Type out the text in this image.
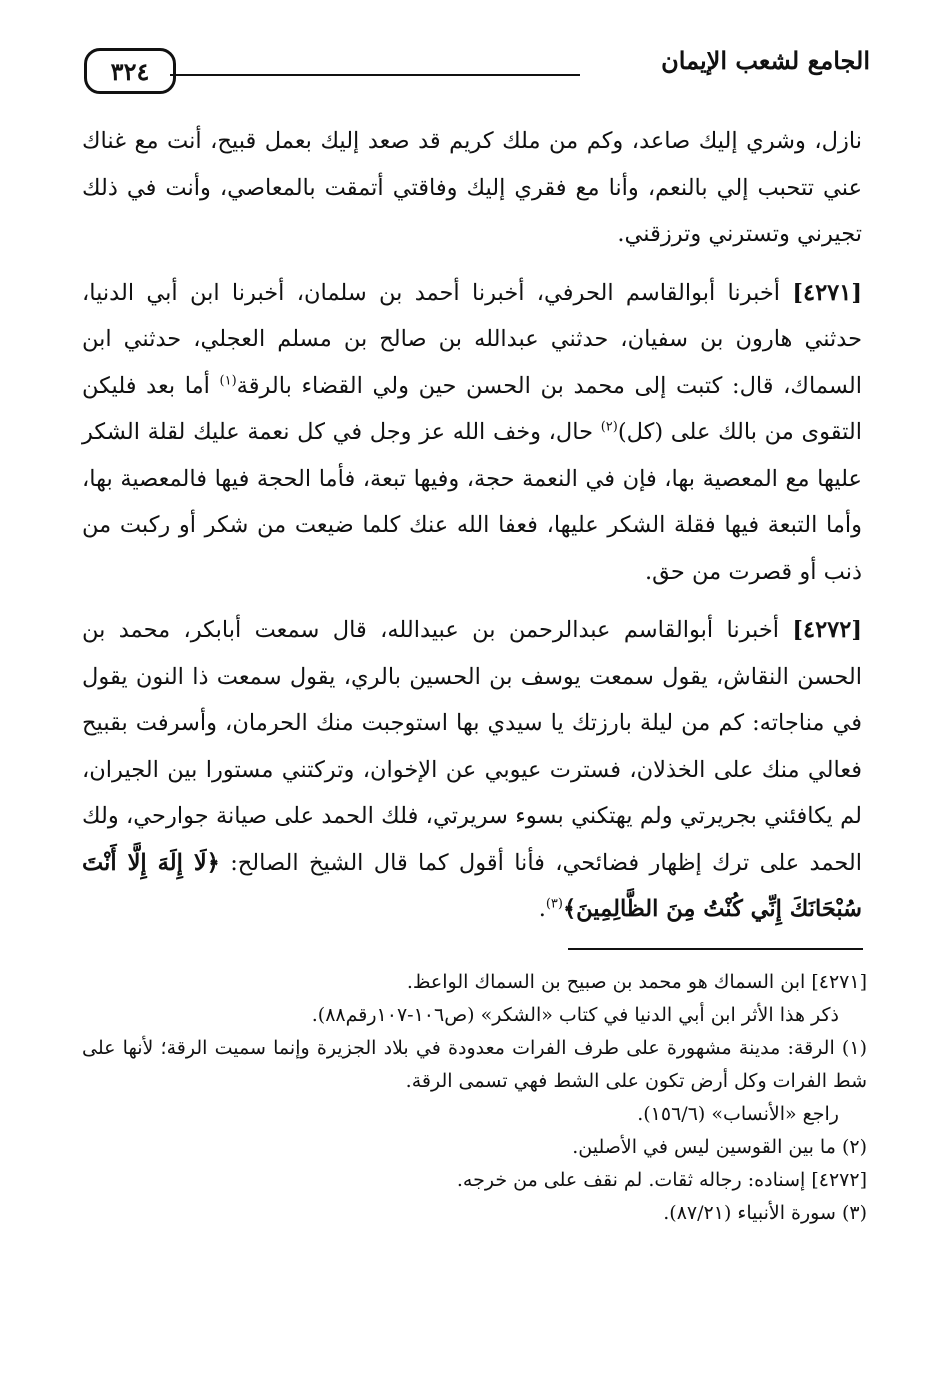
الجامع لشعب الإيمان
٣٢٤

نازل، وشري إليك صاعد، وكم من ملك كريم قد صعد إليك بعمل قبيح، أنت مع غناك عني تتحبب إلي بالنعم، وأنا مع فقري إليك وفاقتي أتمقت بالمعاصي، وأنت في ذلك تجيرني وتسترني وترزقني.

[٤٢٧١] أخبرنا أبوالقاسم الحرفي، أخبرنا أحمد بن سلمان، أخبرنا ابن أبي الدنيا، حدثني هارون بن سفيان، حدثني عبدالله بن صالح بن مسلم العجلي، حدثني ابن السماك، قال: كتبت إلى محمد بن الحسن حين ولي القضاء بالرقة$^{(١)}$ أما بعد فليكن التقوى من بالك على (كل)$^{(٢)}$ حال، وخف الله عز وجل في كل نعمة عليك لقلة الشكر عليها مع المعصية بها، فإن في النعمة حجة، وفيها تبعة، فأما الحجة فيها فالمعصية بها، وأما التبعة فيها فقلة الشكر عليها، فعفا الله عنك كلما ضيعت من شكر أو ركبت من ذنب أو قصرت من حق.

[٤٢٧٢] أخبرنا أبوالقاسم عبدالرحمن بن عبيدالله، قال سمعت أبابكر، محمد بن الحسن النقاش، يقول سمعت يوسف بن الحسين بالري، يقول سمعت ذا النون يقول في مناجاته: كم من ليلة بارزتك يا سيدي بها استوجبت منك الحرمان، وأسرفت بقبيح فعالي منك على الخذلان، فسترت عيوبي عن الإخوان، وتركتني مستورا بين الجيران، لم يكافئني بجريرتي ولم يهتكني بسوء سريرتي، فلك الحمد على صيانة جوارحي، ولك الحمد على ترك إظهار فضائحي، فأنا أقول كما قال الشيخ الصالح: ﴿لَا إِلَهَ إِلَّا أَنْتَ سُبْحَانَكَ إِنِّي كُنْتُ مِنَ الظَّالِمِينَ﴾$^{(٣)}$.

[٤٢٧١] ابن السماك هو محمد بن صبيح بن السماك الواعظ.

ذكر هذا الأثر ابن أبي الدنيا في كتاب «الشكر» (ص١٠٦-١٠٧رقم٨٨).

(١) الرقة: مدينة مشهورة على طرف الفرات معدودة في بلاد الجزيرة وإنما سميت الرقة؛ لأنها على شط الفرات وكل أرض تكون على الشط فهي تسمى الرقة.

راجع «الأنساب» (١٥٦/٦).

(٢) ما بين القوسين ليس في الأصلين.

[٤٢٧٢] إسناده: رجاله ثقات. لم نقف على من خرجه.

(٣) سورة الأنبياء (٨٧/٢١).
